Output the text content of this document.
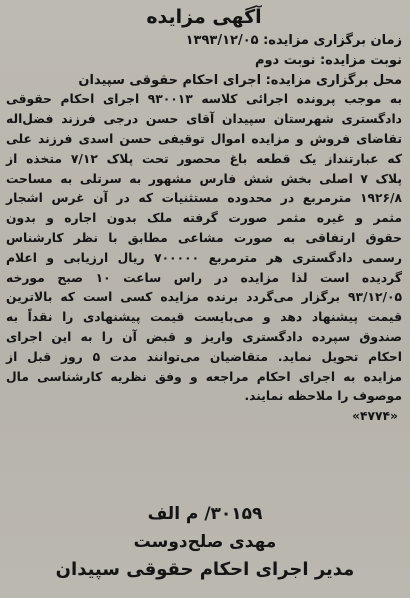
آگهی مزایده
زمان برگزاری مزایده: ۱۳۹۳/۱۲/۰۵
نوبت مزایده: نوبت دوم
محل برگزاری مزایده: اجرای احکام حقوقی سپیدان
به موجب پرونده اجرائی کلاسه ۹۳۰۰۱۳ اجرای احکام حقوقی
دادگستری شهرستان سپیدان آقای حسن درجی فرزند فضل‌اله
تقاضای فروش و مزایده اموال توقیفی حسن اسدی فرزند علی
که عبارتنداز یک قطعه باغ محصور تحت پلاک ۷/۱۲ متخذه از
پلاک ۷ اصلی بخش شش فارس مشهور به سرتلی به مساحت
۱۹۲۶/۸ مترمربع در محدوده مستثنیات که در آن غرس اشجار
مثمر و غیره مثمر صورت گرفته ملک بدون اجاره و بدون
حقوق ارتفاقی به صورت مشاعی مطابق با نظر کارشناس
رسمی دادگستری هر مترمربع ۷۰۰۰۰۰ ریال ارزیابی و اعلام
گردیده است لذا مزایده در راس ساعت ۱۰ صبح مورخه
۹۳/۱۲/۰۵ برگزار می‌گردد برنده مزایده کسی است که بالاترین
قیمت پیشنهاد دهد و می‌بایست قیمت پیشنهادی را نقداً به
صندوق سپرده دادگستری واریز و قبض آن را به این اجرای
احکام تحویل نماید. متقاضیان می‌توانند مدت ۵ روز قبل از
مزایده به اجرای احکام مراجعه و وفق نظریه کارشناسی مال
موصوف را ملاحظه نمایند.
«۴۷۷۴»
۳۰۱۵۹/ م الف
مهدی صلح‌دوست
مدیر اجرای احکام حقوقی سپیدان
